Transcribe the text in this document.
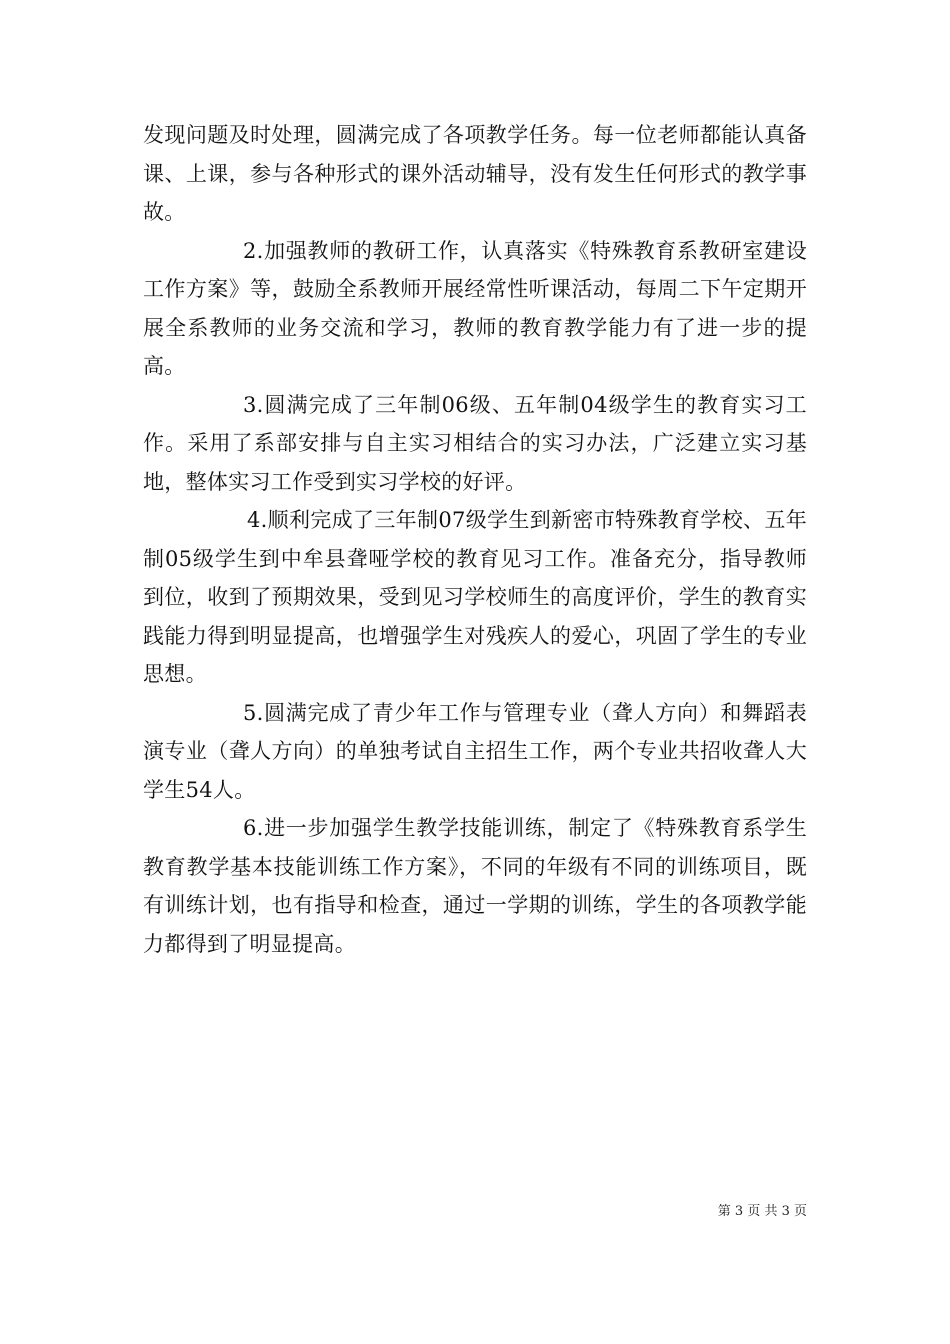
发现问题及时处理，圆满完成了各项教学任务。每一位老师都能认真备课、上课，参与各种形式的课外活动辅导，没有发生任何形式的教学事故。

2.加强教师的教研工作，认真落实《特殊教育系教研室建设工作方案》等，鼓励全系教师开展经常性听课活动，每周二下午定期开展全系教师的业务交流和学习，教师的教育教学能力有了进一步的提高。

3.圆满完成了三年制06级、五年制04级学生的教育实习工作。采用了系部安排与自主实习相结合的实习办法，广泛建立实习基地，整体实习工作受到实习学校的好评。

4.顺利完成了三年制07级学生到新密市特殊教育学校、五年制05级学生到中牟县聋哑学校的教育见习工作。准备充分，指导教师到位，收到了预期效果，受到见习学校师生的高度评价，学生的教育实践能力得到明显提高，也增强学生对残疾人的爱心，巩固了学生的专业思想。

5.圆满完成了青少年工作与管理专业（聋人方向）和舞蹈表演专业（聋人方向）的单独考试自主招生工作，两个专业共招收聋人大学生54人。

6.进一步加强学生教学技能训练，制定了《特殊教育系学生教育教学基本技能训练工作方案》，不同的年级有不同的训练项目，既有训练计划，也有指导和检查，通过一学期的训练，学生的各项教学能力都得到了明显提高。

第 3 页 共 3 页
